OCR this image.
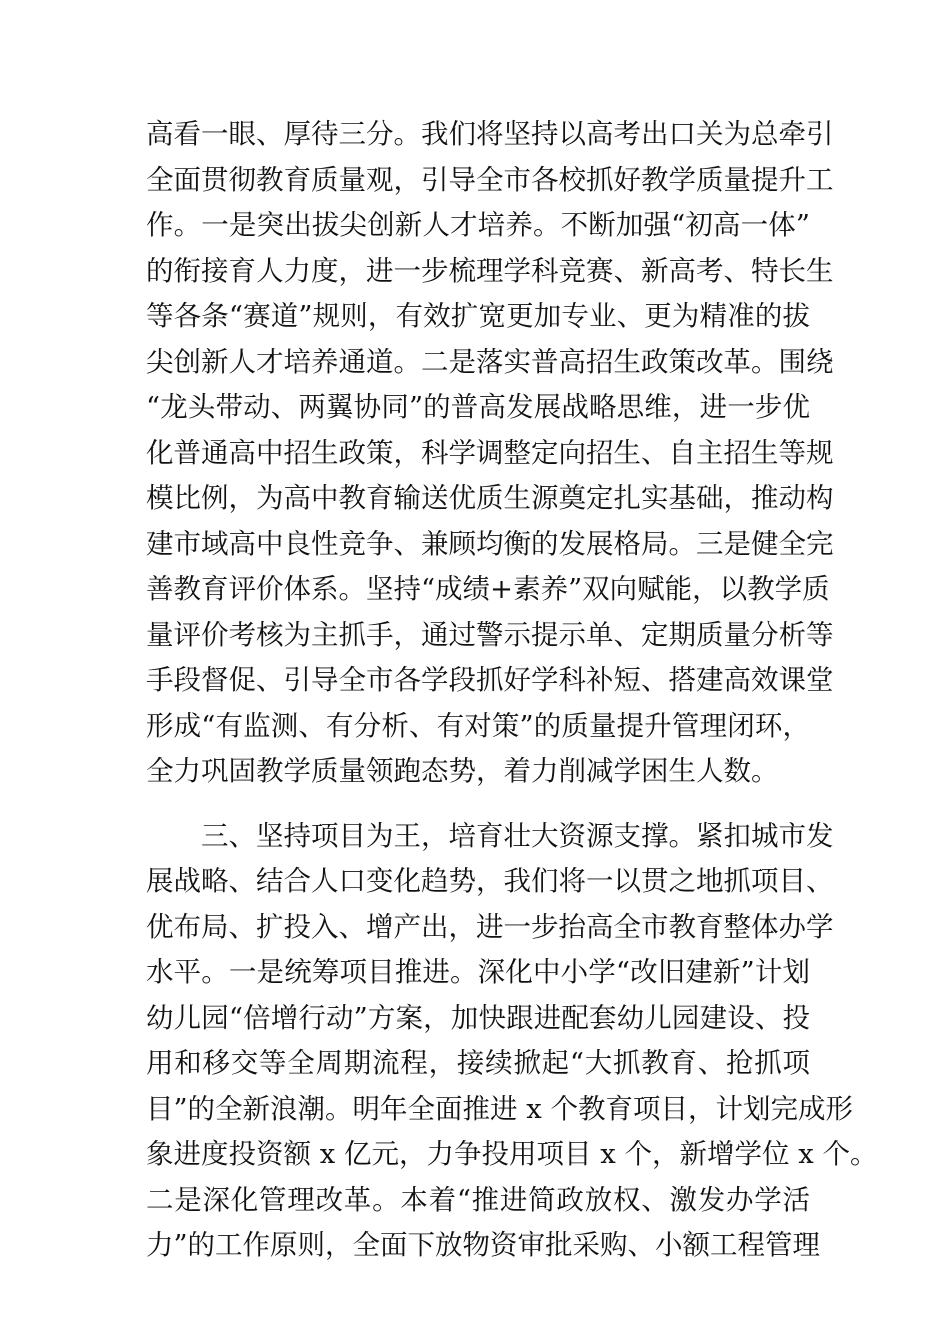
高看一眼、厚待三分。我们将坚持以高考出口关为总牵引
全面贯彻教育质量观，引导全市各校抓好教学质量提升工
作。一是突出拔尖创新人才培养。不断加强“初高一体”
的衔接育人力度，进一步梳理学科竞赛、新高考、特长生
等各条“赛道”规则，有效扩宽更加专业、更为精准的拔
尖创新人才培养通道。二是落实普高招生政策改革。围绕
“龙头带动、两翼协同”的普高发展战略思维，进一步优
化普通高中招生政策，科学调整定向招生、自主招生等规
模比例，为高中教育输送优质生源奠定扎实基础，推动构
建市域高中良性竞争、兼顾均衡的发展格局。三是健全完
善教育评价体系。坚持“成绩+素养”双向赋能，以教学质
量评价考核为主抓手，通过警示提示单、定期质量分析等
手段督促、引导全市各学段抓好学科补短、搭建高效课堂
形成“有监测、有分析、有对策”的质量提升管理闭环，
全力巩固教学质量领跑态势，着力削减学困生人数。
三、坚持项目为王，培育壮大资源支撑。紧扣城市发
展战略、结合人口变化趋势，我们将一以贯之地抓项目、
优布局、扩投入、增产出，进一步抬高全市教育整体办学
水平。一是统筹项目推进。深化中小学“改旧建新”计划
幼儿园“倍增行动”方案，加快跟进配套幼儿园建设、投
用和移交等全周期流程，接续掀起“大抓教育、抢抓项
目”的全新浪潮。明年全面推进 x 个教育项目，计划完成形
象进度投资额 x 亿元，力争投用项目 x 个，新增学位 x 个。
二是深化管理改革。本着“推进简政放权、激发办学活
力”的工作原则，全面下放物资审批采购、小额工程管理
